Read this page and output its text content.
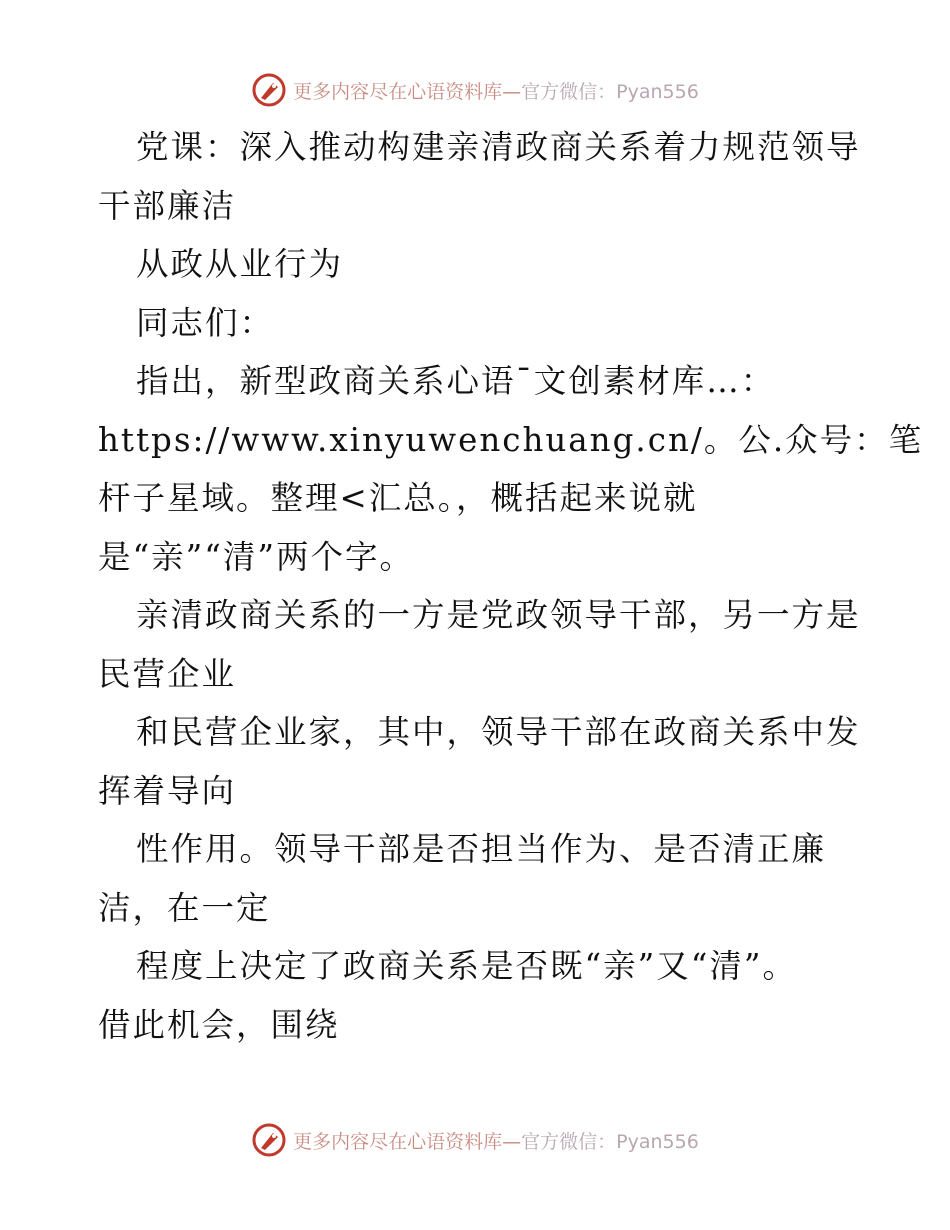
更多内容尽在心语资料库—官方微信：Pyan556
党课：深入推动构建亲清政商关系着力规范领导
干部廉洁
从政从业行为
同志们：
指出，新型政商关系心语¯文创素材库…：
https://www.xinyuwenchuang.cn/。公.众号：笔
杆子星域。整理<汇总。，概括起来说就
是“亲”“清”两个字。
亲清政商关系的一方是党政领导干部，另一方是
民营企业
和民营企业家，其中，领导干部在政商关系中发
挥着导向
性作用。领导干部是否担当作为、是否清正廉
洁，在一定
程度上决定了政商关系是否既“亲”又“清”。
借此机会，围绕
更多内容尽在心语资料库—官方微信：Pyan556
